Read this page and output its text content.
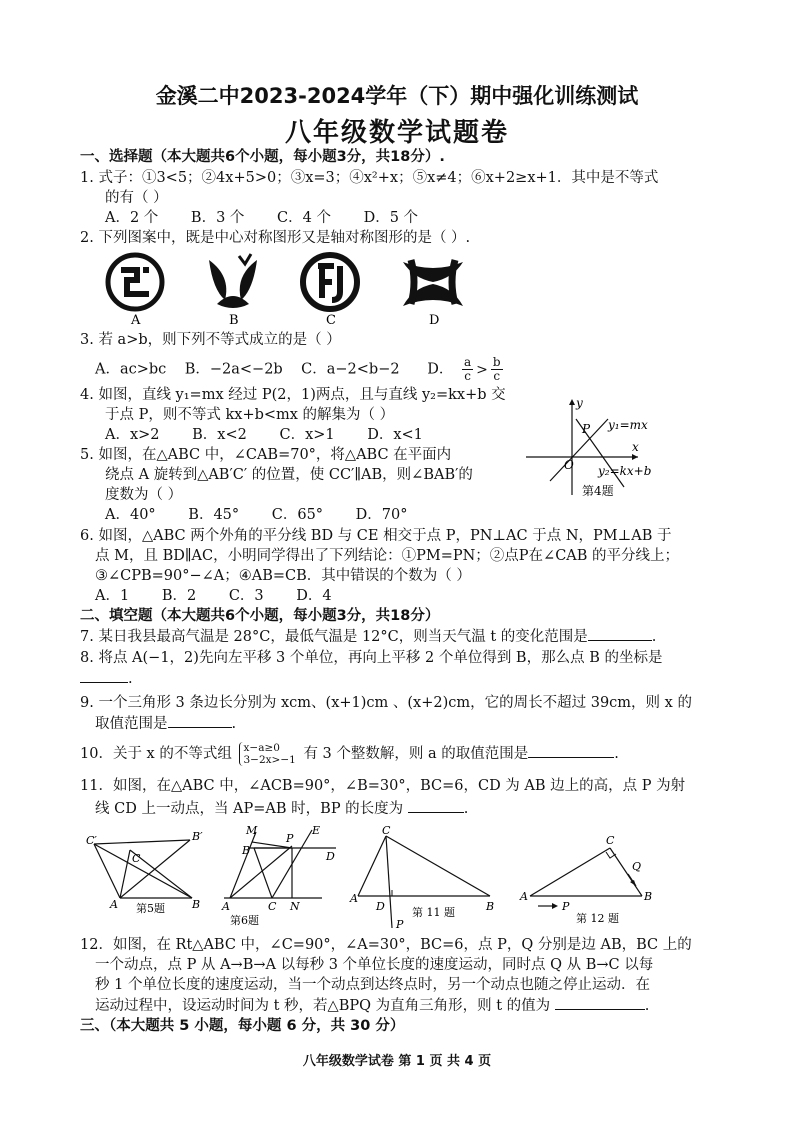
金溪二中2023-2024学年（下）期中强化训练测试
八年级数学试题卷
一、选择题（本大题共6个小题，每小题3分，共18分）.
1. 式子：①3<5；②4x+5>0；③x=3；④x²+x；⑤x≠4；⑥x+2≥x+1．其中是不等式
的有（ ）
A．2 个 B．3 个 C．4 个 D．5 个
2. 下列图案中，既是中心对称图形又是轴对称图形的是（ ）.
A	B	C	D
3. 若 a>b，则下列不等式成立的是（ ）
A．ac>bc B．−2a<−2b C．a−2<b−2 D． a
c > b
c
4. 如图，直线 y₁=mx 经过 P(2，1)两点，且与直线 y₂=kx+b 交
于点 P，则不等式 kx+b<mx 的解集为（ ）
A．x>2 B．x<2 C．x>1 D．x<1
y
x
O
P y₁=mx
y₂=kx+b
第4题
5. 如图，在△ABC 中，∠CAB=70°，将△ABC 在平面内
绕点 A 旋转到△AB′C′ 的位置，使 CC′∥AB，则∠BAB′的
度数为（ ）
A．40° B．45° C．65° D．70°
6. 如图，△ABC 两个外角的平分线 BD 与 CE 相交于点 P，PN⊥AC 于点 N，PM⊥AB 于
点 M，且 BD∥AC，小明同学得出了下列结论：①PM=PN；②点P在∠CAB 的平分线上；
③∠CPB=90°−∠A；④AB=CB．其中错误的个数为（ ）
A．1 B．2 C．3 D．4
二、填空题（本大题共6个小题，每小题3分，共18分）
7. 某日我县最高气温是 28°C，最低气温是 12°C，则当天气温 t 的变化范围是	.
8. 将点 A(−1，2)先向左平移 3 个单位，再向上平移 2 个单位得到 B，那么点 B 的坐标是
.
9. 一个三角形 3 条边长分别为 xcm、(x+1)cm 、(x+2)cm，它的周长不超过 39cm，则 x 的
取值范围是	.
10．关于 x 的不等式组 x−a≥0
3−2x>−1 有 3 个整数解，则 a 的取值范围是	.
11．如图，在△ABC 中，∠ACB=90°，∠B=30°，BC=6，CD 为 AB 边上的高，点 P 为射
线 CD 上一动点，当 AP=AB 时，BP 的长度为	.
C′	B′
C
A	B
第5题
M
P
E
B	D
A	C N
第6题
C
A
D	B
P
第 11 题
C
Q
A
P
B
第 12 题
12．如图，在 Rt△ABC 中，∠C=90°，∠A=30°，BC=6，点 P，Q 分别是边 AB，BC 上的
一个动点，点 P 从 A→B→A 以每秒 3 个单位长度的速度运动，同时点 Q 从 B→C 以每
秒 1 个单位长度的速度运动，当一个动点到达终点时，另一个动点也随之停止运动．在
运动过程中，设运动时间为 t 秒，若△BPQ 为直角三角形，则 t 的值为	.
三、（本大题共 5 小题，每小题 6 分，共 30 分）
八年级数学试卷 第 1 页 共 4 页
